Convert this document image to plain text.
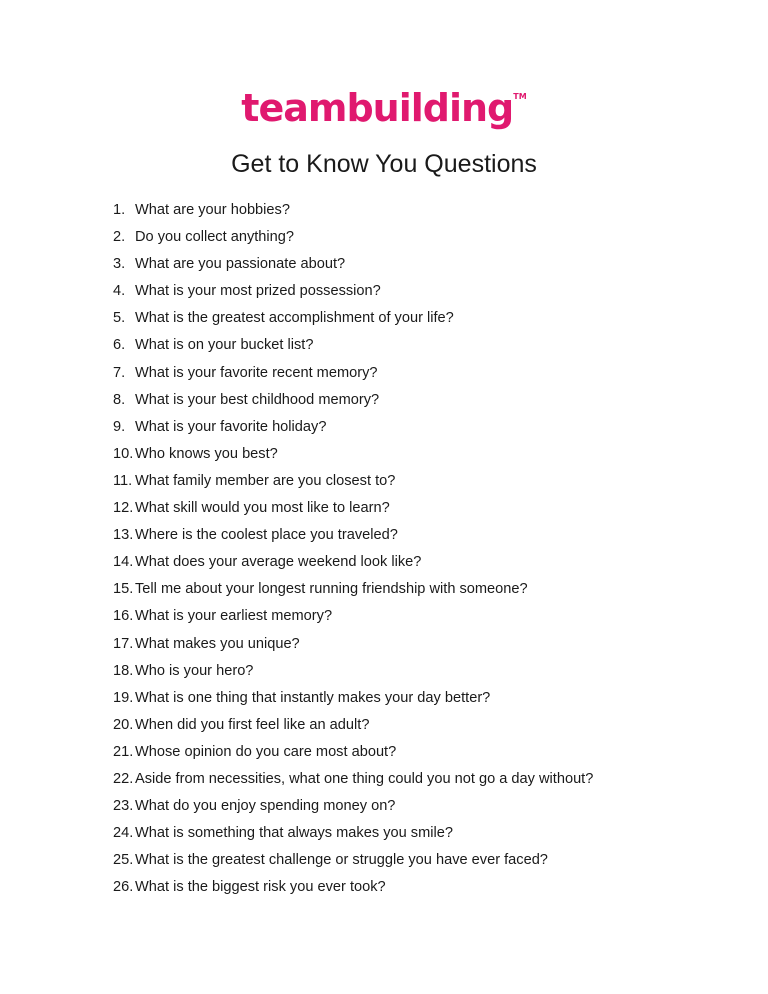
teambuilding™
Get to Know You Questions
1. What are your hobbies?
2. Do you collect anything?
3. What are you passionate about?
4. What is your most prized possession?
5. What is the greatest accomplishment of your life?
6. What is on your bucket list?
7. What is your favorite recent memory?
8. What is your best childhood memory?
9. What is your favorite holiday?
10. Who knows you best?
11. What family member are you closest to?
12. What skill would you most like to learn?
13. Where is the coolest place you traveled?
14. What does your average weekend look like?
15. Tell me about your longest running friendship with someone?
16. What is your earliest memory?
17. What makes you unique?
18. Who is your hero?
19. What is one thing that instantly makes your day better?
20. When did you first feel like an adult?
21. Whose opinion do you care most about?
22. Aside from necessities, what one thing could you not go a day without?
23. What do you enjoy spending money on?
24. What is something that always makes you smile?
25. What is the greatest challenge or struggle you have ever faced?
26. What is the biggest risk you ever took?
